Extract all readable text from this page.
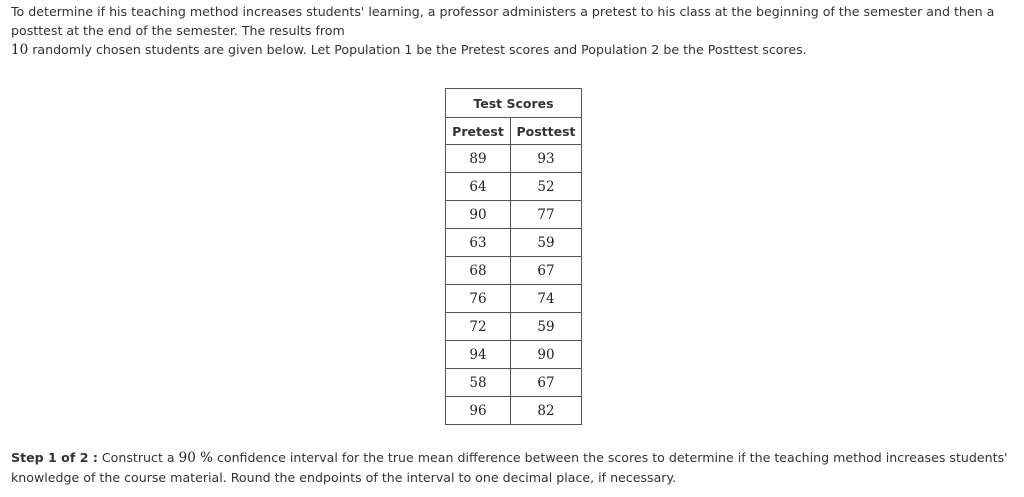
To determine if his teaching method increases students' learning, a professor administers a pretest to his class at the beginning of the semester and then a posttest at the end of the semester. The results from
10 randomly chosen students are given below. Let Population 1 be the Pretest scores and Population 2 be the Posttest scores.

Test Scores	
Pretest	Posttest
89	93
64	52
90	77
63	59
68	67
76	74
72	59
94	90
58	67
96	82

Step 1 of 2 : Construct a 90 % confidence interval for the true mean difference between the scores to determine if the teaching method increases students' knowledge of the course material. Round the endpoints of the interval to one decimal place, if necessary.
